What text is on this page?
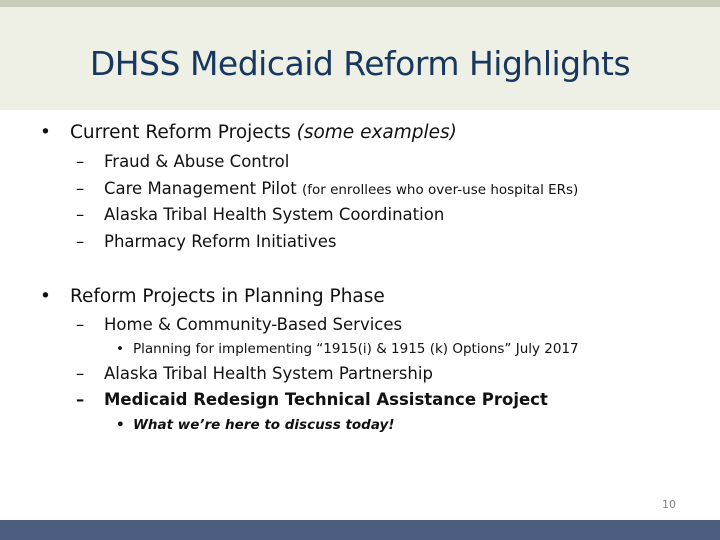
DHSS Medicaid Reform Highlights
• Current Reform Projects (some examples)
– Fraud & Abuse Control
– Care Management Pilot (for enrollees who over-use hospital ERs)
– Alaska Tribal Health System Coordination
– Pharmacy Reform Initiatives
• Reform Projects in Planning Phase
– Home & Community-Based Services
• Planning for implementing “1915(i) & 1915 (k) Options” July 2017
– Alaska Tribal Health System Partnership
– Medicaid Redesign Technical Assistance Project
• What we’re here to discuss today!
10
